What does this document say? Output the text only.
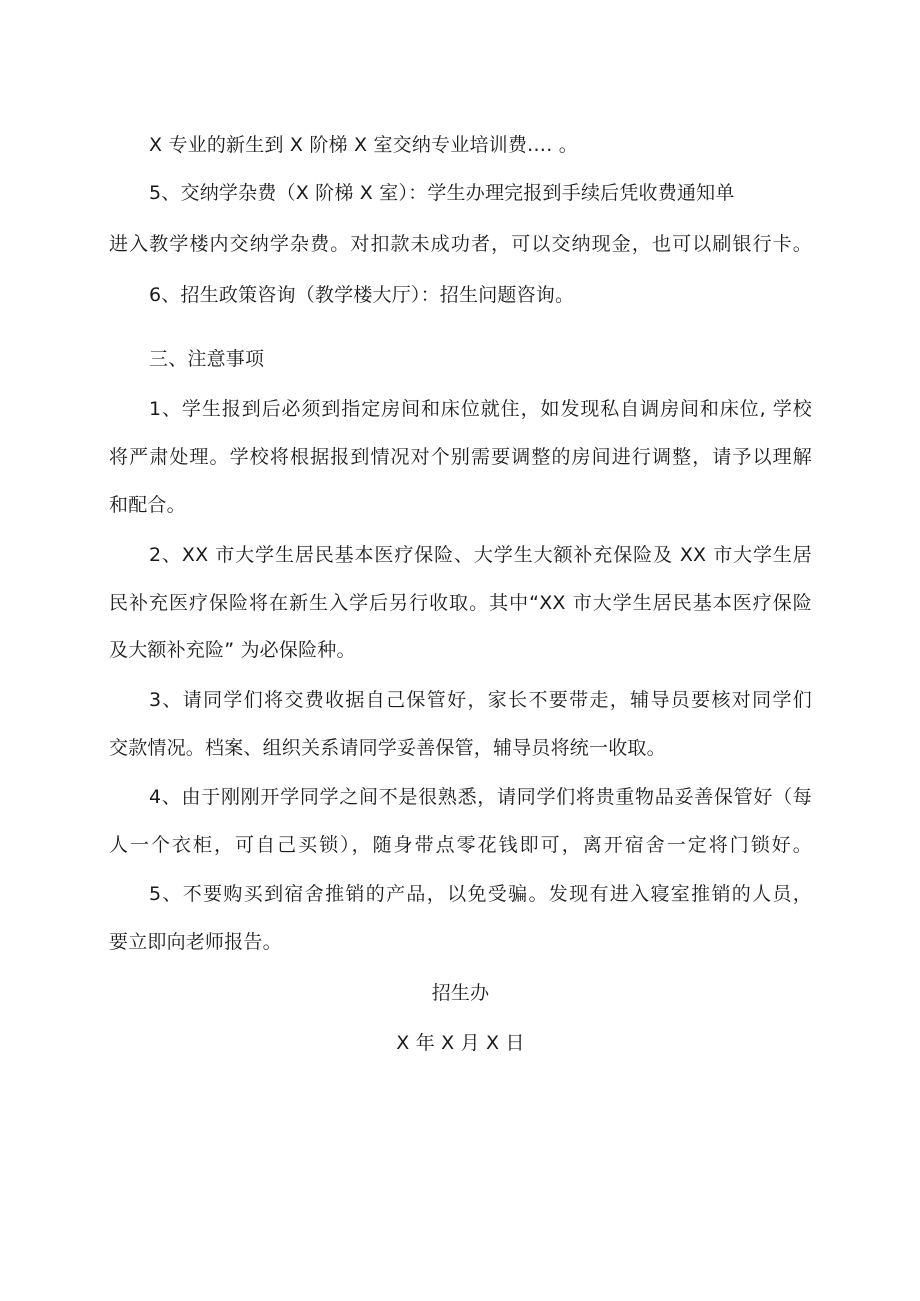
X 专业的新生到 X 阶梯 X 室交纳专业培训费…. 。
5、交纳学杂费（X 阶梯 X 室）：学生办理完报到手续后凭收费通知单
进入教学楼内交纳学杂费。对扣款未成功者，可以交纳现金，也可以刷银行卡。
6、招生政策咨询（教学楼大厅）：招生问题咨询。
三、注意事项
1、学生报到后必须到指定房间和床位就住，如发现私自调房间和床位, 学校
将严肃处理。学校将根据报到情况对个别需要调整的房间进行调整，请予以理解
和配合。
2、XX 市大学生居民基本医疗保险、大学生大额补充保险及 XX 市大学生居
民补充医疗保险将在新生入学后另行收取。其中“XX 市大学生居民基本医疗保险
及大额补充险” 为必保险种。
3、请同学们将交费收据自己保管好，家长不要带走，辅导员要核对同学们
交款情况。档案、组织关系请同学妥善保管，辅导员将统一收取。
4、由于刚刚开学同学之间不是很熟悉，请同学们将贵重物品妥善保管好（每
人一个衣柜，可自己买锁），随身带点零花钱即可，离开宿舍一定将门锁好。
5、不要购买到宿舍推销的产品，以免受骗。发现有进入寝室推销的人员，
要立即向老师报告。
招生办
X 年 X 月 X 日
